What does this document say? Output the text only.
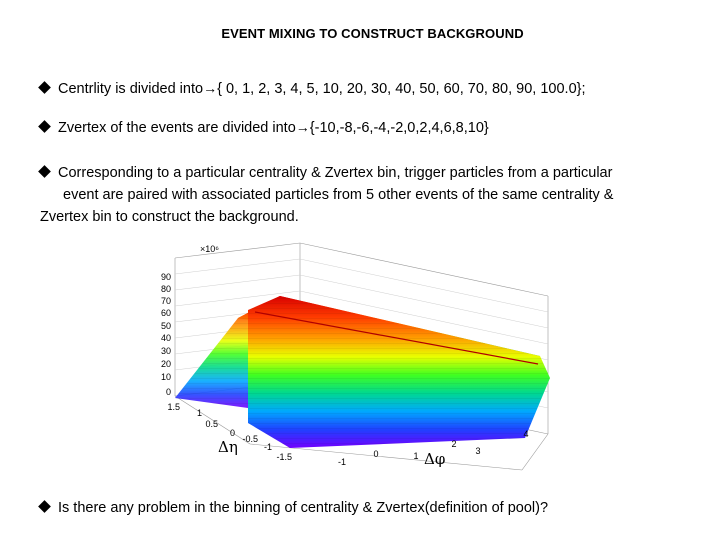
EVENT MIXING TO CONSTRUCT BACKGROUND
Centrlity is divided into→{ 0, 1, 2, 3, 4, 5, 10, 20, 30, 40, 50, 60, 70, 80, 90, 100.0};
Zvertex of the events are divided into→{-10,-8,-6,-4,-2,0,2,4,6,8,10}
Corresponding to a particular centrality & Zvertex bin, trigger particles from a particular
event are paired with associated particles from 5 other events of the same centrality &
Zvertex bin to construct the background.
×10⁶
90
80
70
60
50
40
30
20
10
0
1.5
1
0.5
0
-0.5
-1
-1.5	-1
0	1
2
3
4
Δη
Δφ
Is there any problem in the binning of centrality & Zvertex(definition of pool)?
